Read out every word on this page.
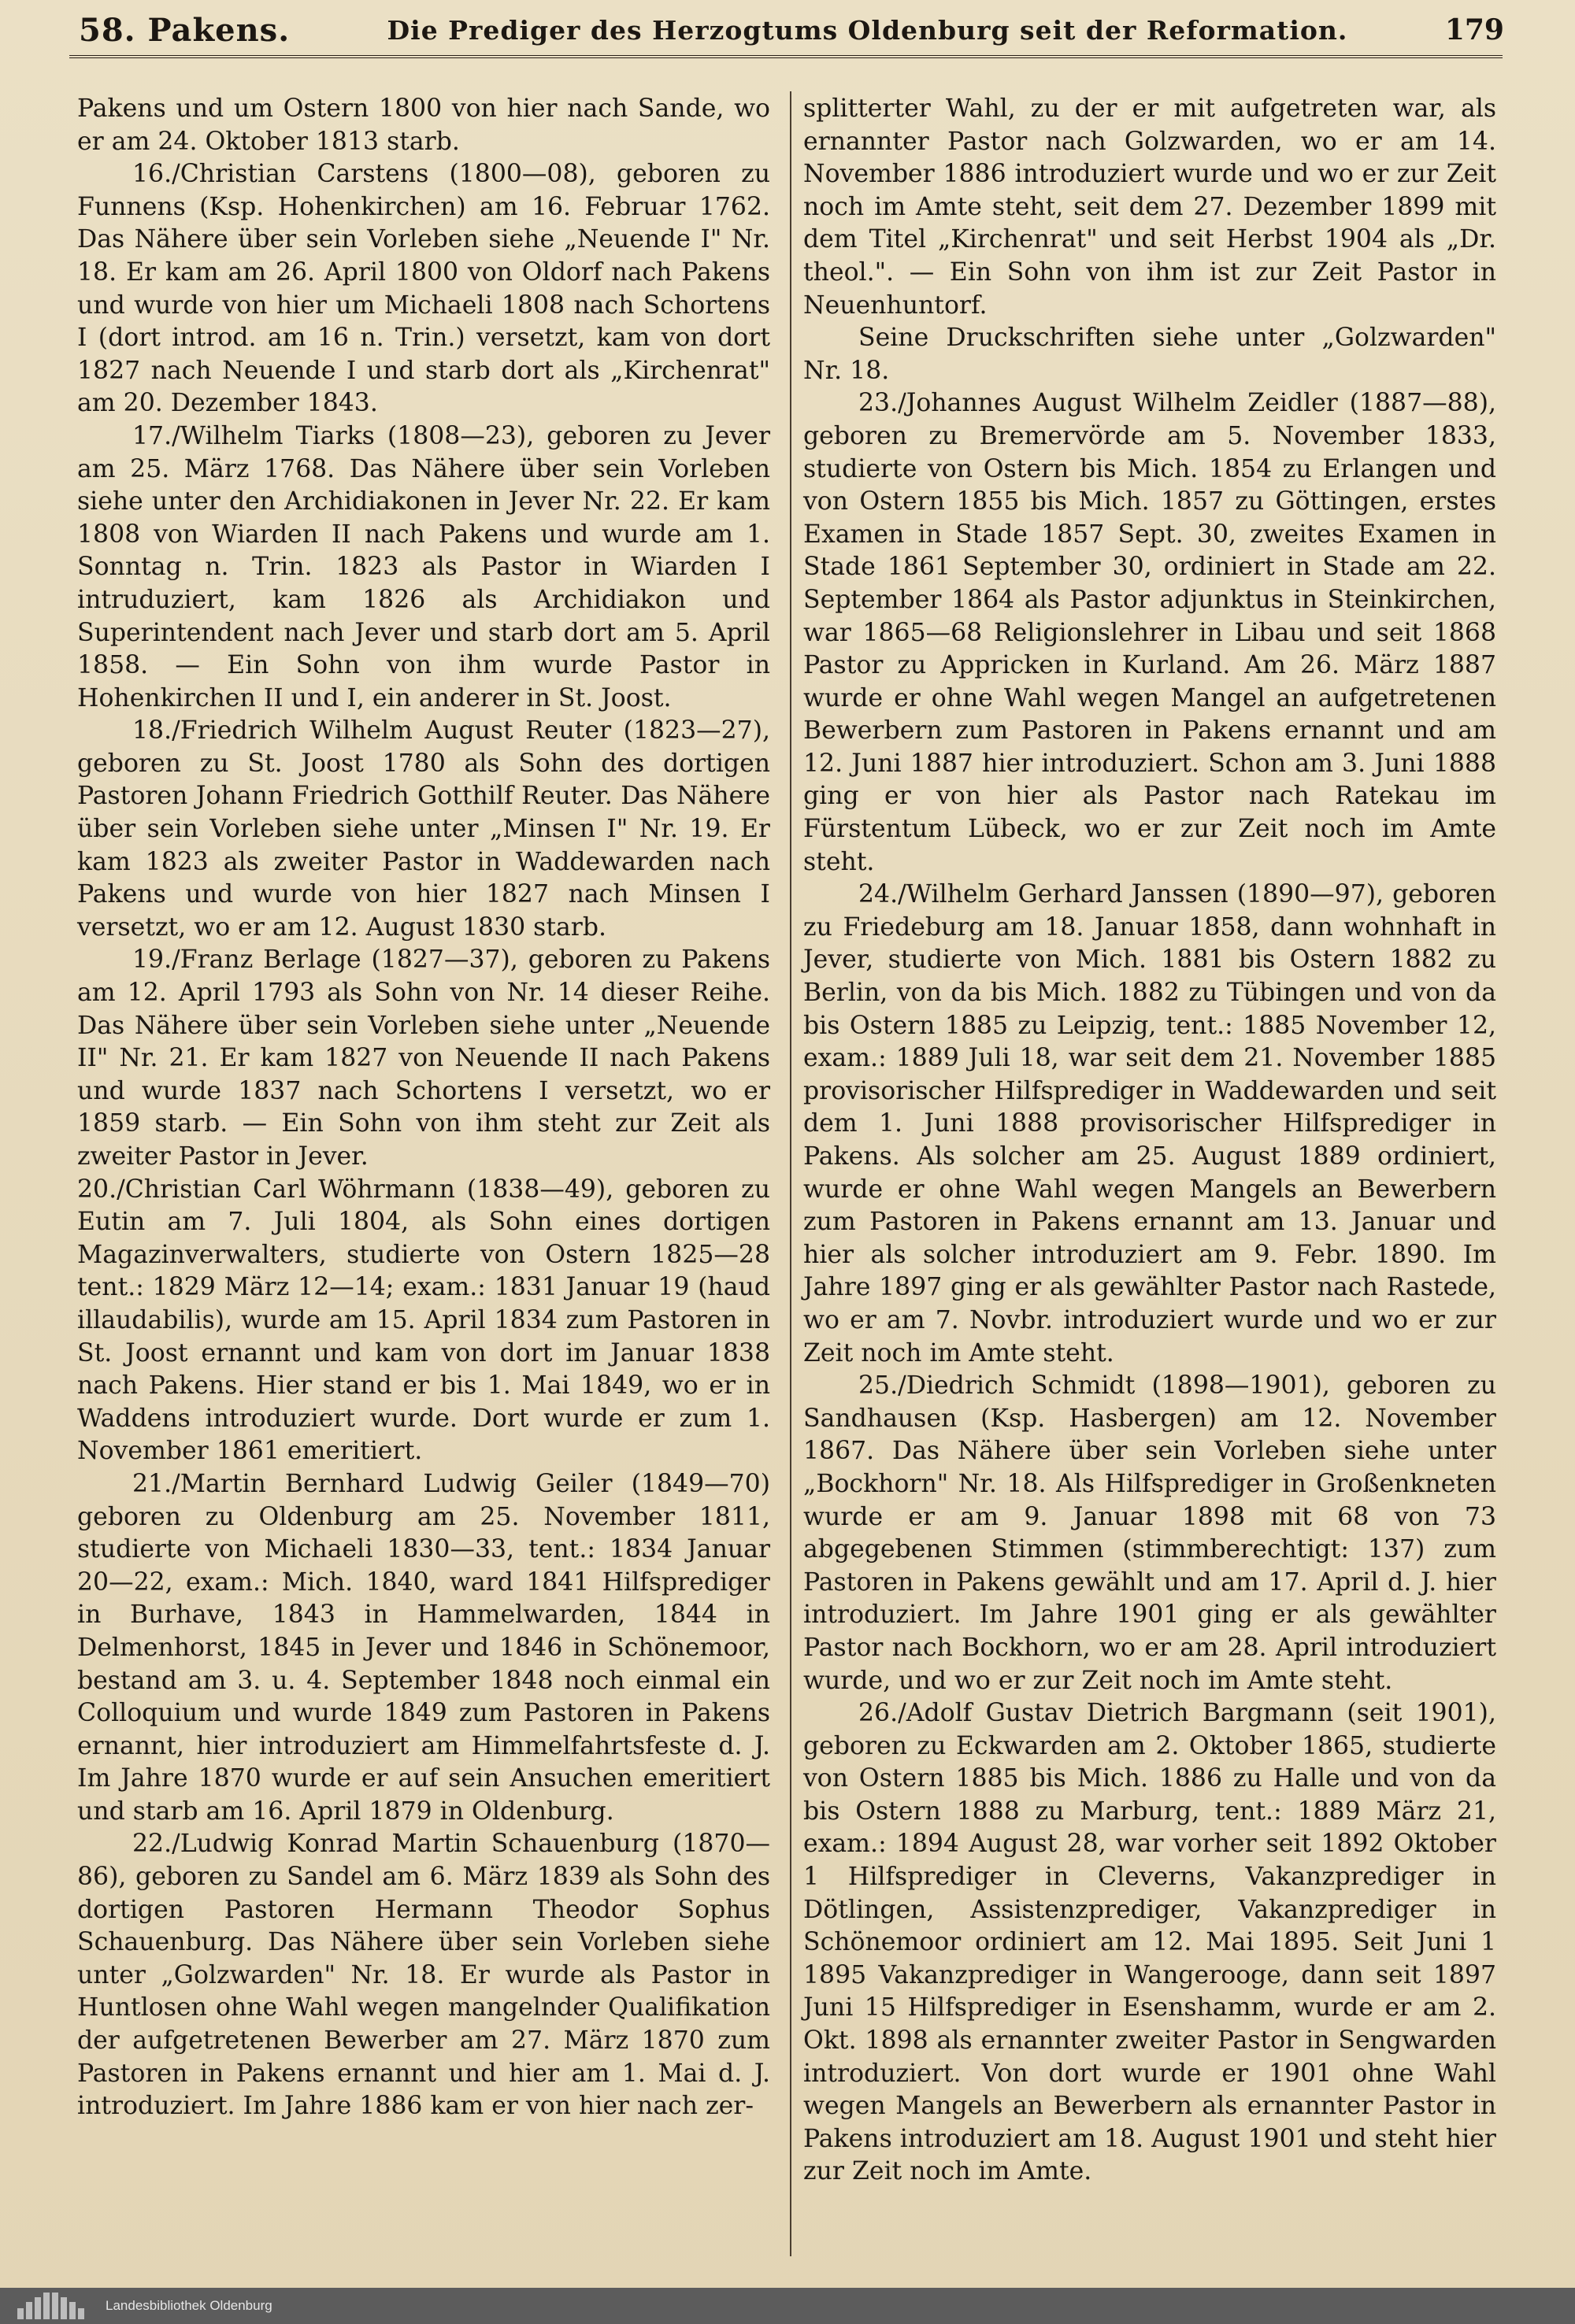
58. Pakens.	Die Prediger des Herzogtums Oldenburg seit der Reformation.	179

Pakens und um Ostern 1800 von hier nach Sande, wo er am 24. Oktober 1813 starb.

16./Christian Carstens (1800—08), geboren zu Funnens (Ksp. Hohenkirchen) am 16. Februar 1762. Das Nähere über sein Vorleben siehe „Neuende I" Nr. 18. Er kam am 26. April 1800 von Oldorf nach Pakens und wurde von hier um Michaeli 1808 nach Schortens I (dort introd. am 16 n. Trin.) versetzt, kam von dort 1827 nach Neuende I und starb dort als „Kirchenrat" am 20. Dezember 1843.

17./Wilhelm Tiarks (1808—23), geboren zu Jever am 25. März 1768. Das Nähere über sein Vorleben siehe unter den Archidiakonen in Jever Nr. 22. Er kam 1808 von Wiarden II nach Pakens und wurde am 1. Sonntag n. Trin. 1823 als Pastor in Wiarden I intruduziert, kam 1826 als Archidiakon und Superintendent nach Jever und starb dort am 5. April 1858. — Ein Sohn von ihm wurde Pastor in Hohenkirchen II und I, ein anderer in St. Joost.

18./Friedrich Wilhelm August Reuter (1823—27), geboren zu St. Joost 1780 als Sohn des dortigen Pastoren Johann Friedrich Gotthilf Reuter. Das Nähere über sein Vorleben siehe unter „Minsen I" Nr. 19. Er kam 1823 als zweiter Pastor in Waddewarden nach Pakens und wurde von hier 1827 nach Minsen I versetzt, wo er am 12. August 1830 starb.

19./Franz Berlage (1827—37), geboren zu Pakens am 12. April 1793 als Sohn von Nr. 14 dieser Reihe. Das Nähere über sein Vorleben siehe unter „Neuende II" Nr. 21. Er kam 1827 von Neuende II nach Pakens und wurde 1837 nach Schortens I versetzt, wo er 1859 starb. — Ein Sohn von ihm steht zur Zeit als zweiter Pastor in Jever.

20./Christian Carl Wöhrmann (1838—49), geboren zu Eutin am 7. Juli 1804, als Sohn eines dortigen Magazinverwalters, studierte von Ostern 1825—28 tent.: 1829 März 12—14; exam.: 1831 Januar 19 (haud illaudabilis), wurde am 15. April 1834 zum Pastoren in St. Joost ernannt und kam von dort im Januar 1838 nach Pakens. Hier stand er bis 1. Mai 1849, wo er in Waddens introduziert wurde. Dort wurde er zum 1. November 1861 emeritiert.

21./Martin Bernhard Ludwig Geiler (1849—70) geboren zu Oldenburg am 25. November 1811, studierte von Michaeli 1830—33, tent.: 1834 Januar 20—22, exam.: Mich. 1840, ward 1841 Hilfsprediger in Burhave, 1843 in Hammelwarden, 1844 in Delmenhorst, 1845 in Jever und 1846 in Schönemoor, bestand am 3. u. 4. September 1848 noch einmal ein Colloquium und wurde 1849 zum Pastoren in Pakens ernannt, hier introduziert am Himmelfahrtsfeste d. J. Im Jahre 1870 wurde er auf sein Ansuchen emeritiert und starb am 16. April 1879 in Oldenburg.

22./Ludwig Konrad Martin Schauenburg (1870—86), geboren zu Sandel am 6. März 1839 als Sohn des dortigen Pastoren Hermann Theodor Sophus Schauenburg. Das Nähere über sein Vorleben siehe unter „Golzwarden" Nr. 18. Er wurde als Pastor in Huntlosen ohne Wahl wegen mangelnder Qualifikation der aufgetretenen Bewerber am 27. März 1870 zum Pastoren in Pakens ernannt und hier am 1. Mai d. J. introduziert. Im Jahre 1886 kam er von hier nach zer-

splitterter Wahl, zu der er mit aufgetreten war, als ernannter Pastor nach Golzwarden, wo er am 14. November 1886 introduziert wurde und wo er zur Zeit noch im Amte steht, seit dem 27. Dezember 1899 mit dem Titel „Kirchenrat" und seit Herbst 1904 als „Dr. theol.". — Ein Sohn von ihm ist zur Zeit Pastor in Neuenhuntorf.

Seine Druckschriften siehe unter „Golzwarden" Nr. 18.

23./Johannes August Wilhelm Zeidler (1887—88), geboren zu Bremervörde am 5. November 1833, studierte von Ostern bis Mich. 1854 zu Erlangen und von Ostern 1855 bis Mich. 1857 zu Göttingen, erstes Examen in Stade 1857 Sept. 30, zweites Examen in Stade 1861 September 30, ordiniert in Stade am 22. September 1864 als Pastor adjunktus in Steinkirchen, war 1865—68 Religionslehrer in Libau und seit 1868 Pastor zu Appricken in Kurland. Am 26. März 1887 wurde er ohne Wahl wegen Mangel an aufgetretenen Bewerbern zum Pastoren in Pakens ernannt und am 12. Juni 1887 hier introduziert. Schon am 3. Juni 1888 ging er von hier als Pastor nach Ratekau im Fürstentum Lübeck, wo er zur Zeit noch im Amte steht.

24./Wilhelm Gerhard Janssen (1890—97), geboren zu Friedeburg am 18. Januar 1858, dann wohnhaft in Jever, studierte von Mich. 1881 bis Ostern 1882 zu Berlin, von da bis Mich. 1882 zu Tübingen und von da bis Ostern 1885 zu Leipzig, tent.: 1885 November 12, exam.: 1889 Juli 18, war seit dem 21. November 1885 provisorischer Hilfsprediger in Waddewarden und seit dem 1. Juni 1888 provisorischer Hilfsprediger in Pakens. Als solcher am 25. August 1889 ordiniert, wurde er ohne Wahl wegen Mangels an Bewerbern zum Pastoren in Pakens ernannt am 13. Januar und hier als solcher introduziert am 9. Febr. 1890. Im Jahre 1897 ging er als gewählter Pastor nach Rastede, wo er am 7. Novbr. introduziert wurde und wo er zur Zeit noch im Amte steht.

25./Diedrich Schmidt (1898—1901), geboren zu Sandhausen (Ksp. Hasbergen) am 12. November 1867. Das Nähere über sein Vorleben siehe unter „Bockhorn" Nr. 18. Als Hilfsprediger in Großenkneten wurde er am 9. Januar 1898 mit 68 von 73 abgegebenen Stimmen (stimmberechtigt: 137) zum Pastoren in Pakens gewählt und am 17. April d. J. hier introduziert. Im Jahre 1901 ging er als gewählter Pastor nach Bockhorn, wo er am 28. April introduziert wurde, und wo er zur Zeit noch im Amte steht.

26./Adolf Gustav Dietrich Bargmann (seit 1901), geboren zu Eckwarden am 2. Oktober 1865, studierte von Ostern 1885 bis Mich. 1886 zu Halle und von da bis Ostern 1888 zu Marburg, tent.: 1889 März 21, exam.: 1894 August 28, war vorher seit 1892 Oktober 1 Hilfsprediger in Cleverns, Vakanzprediger in Dötlingen, Assistenzprediger, Vakanzprediger in Schönemoor ordiniert am 12. Mai 1895. Seit Juni 1 1895 Vakanzprediger in Wangerooge, dann seit 1897 Juni 15 Hilfsprediger in Esenshamm, wurde er am 2. Okt. 1898 als ernannter zweiter Pastor in Sengwarden introduziert. Von dort wurde er 1901 ohne Wahl wegen Mangels an Bewerbern als ernannter Pastor in Pakens introduziert am 18. August 1901 und steht hier zur Zeit noch im Amte.

Landesbibliothek Oldenburg
